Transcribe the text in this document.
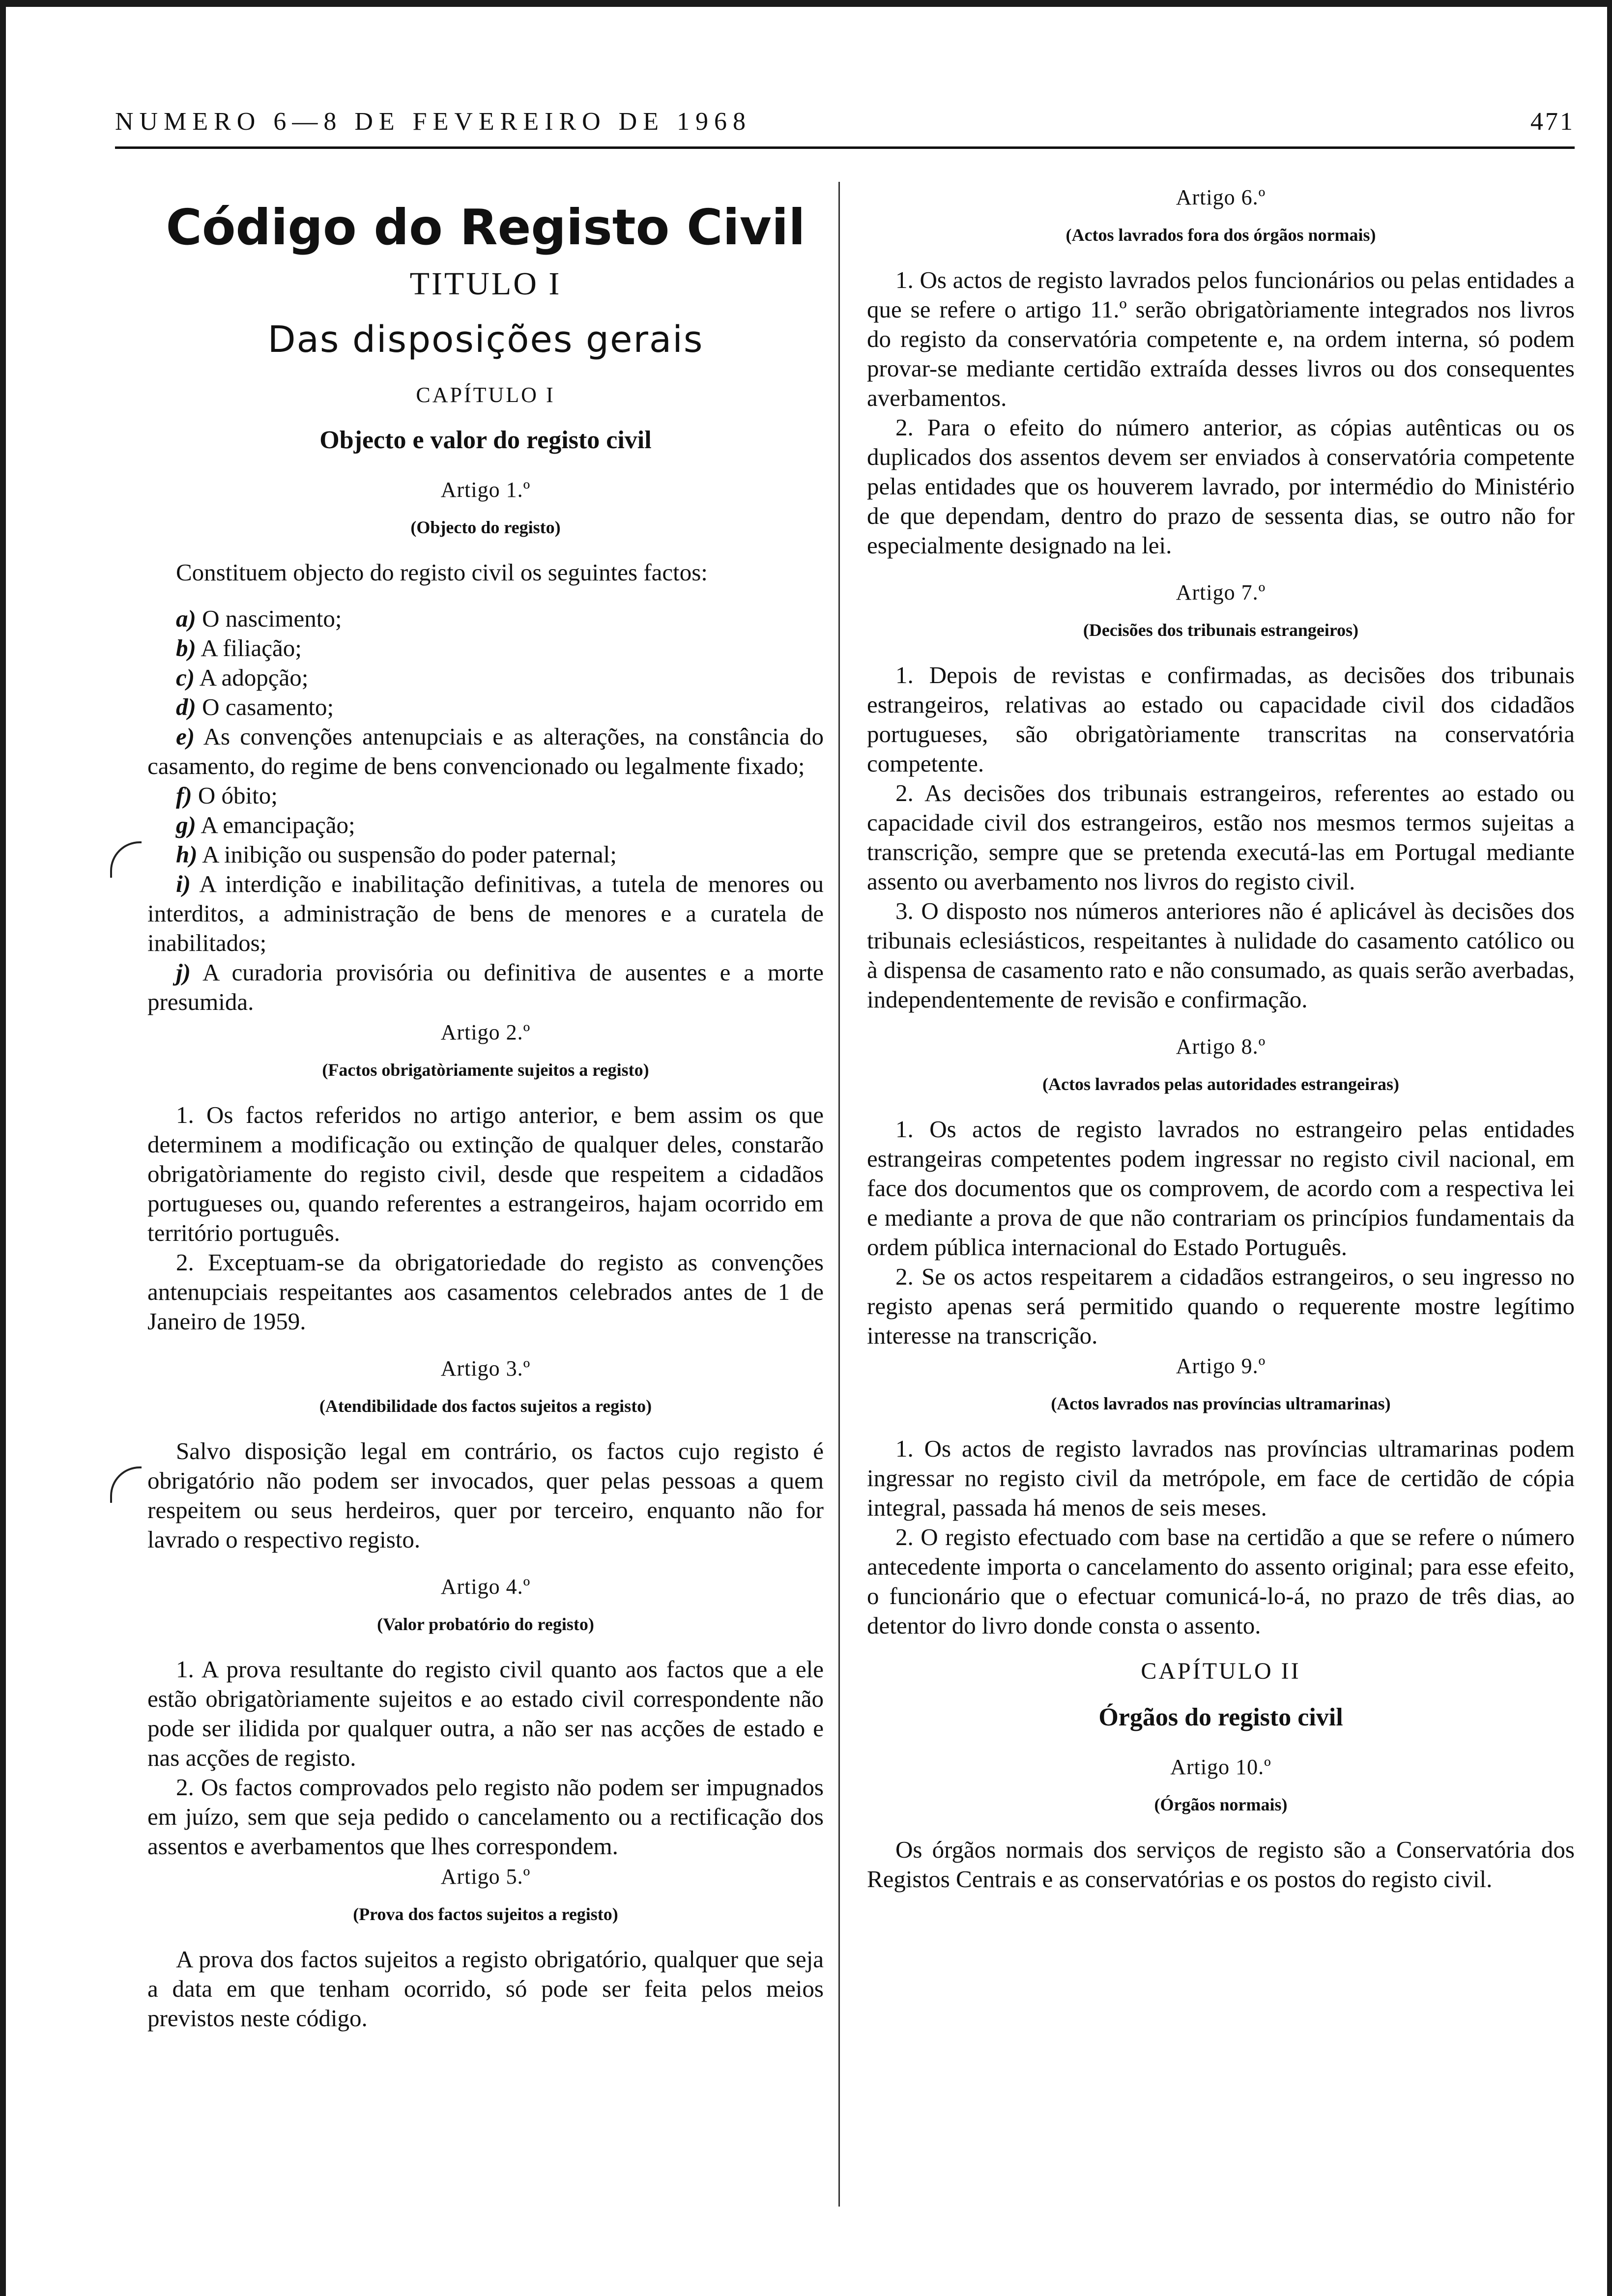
NUMERO 6—8 DE FEVEREIRO DE 1968	471
Código do Registo Civil
TITULO I
Das disposições gerais
CAPÍTULO I
Objecto e valor do registo civil
Artigo 1.º
(Objecto do registo)

Constituem objecto do registo civil os seguintes factos:

a) O nascimento;

b) A filiação;

c) A adopção;

d) O casamento;

e) As convenções antenupciais e as alterações, na constância do casamento, do regime de bens convencionado ou legalmente fixado;

f) O óbito;

g) A emancipação;

h) A inibição ou suspensão do poder paternal;

i) A interdição e inabilitação definitivas, a tutela de menores ou interditos, a administração de bens de menores e a curatela de inabilitados;

j) A curadoria provisória ou definitiva de ausentes e a morte presumida.

Artigo 2.º
(Factos obrigatòriamente sujeitos a registo)

1. Os factos referidos no artigo anterior, e bem assim os que determinem a modificação ou extinção de qualquer deles, constarão obrigatòriamente do registo civil, desde que respeitem a cidadãos portugueses ou, quando referentes a estrangeiros, hajam ocorrido em território português.

2. Exceptuam-se da obrigatoriedade do registo as convenções antenupciais respeitantes aos casamentos celebrados antes de 1 de Janeiro de 1959.

Artigo 3.º
(Atendibilidade dos factos sujeitos a registo)

Salvo disposição legal em contrário, os factos cujo registo é obrigatório não podem ser invocados, quer pelas pessoas a quem respeitem ou seus herdeiros, quer por terceiro, enquanto não for lavrado o respectivo registo.

Artigo 4.º
(Valor probatório do registo)

1. A prova resultante do registo civil quanto aos factos que a ele estão obrigatòriamente sujeitos e ao estado civil correspondente não pode ser ilidida por qualquer outra, a não ser nas acções de estado e nas acções de registo.

2. Os factos comprovados pelo registo não podem ser impugnados em juízo, sem que seja pedido o cancelamento ou a rectificação dos assentos e averbamentos que lhes correspondem.

Artigo 5.º
(Prova dos factos sujeitos a registo)

A prova dos factos sujeitos a registo obrigatório, qualquer que seja a data em que tenham ocorrido, só pode ser feita pelos meios previstos neste código.

Artigo 6.º
(Actos lavrados fora dos órgãos normais)

1. Os actos de registo lavrados pelos funcionários ou pelas entidades a que se refere o artigo 11.º serão obrigatòriamente integrados nos livros do registo da conservatória competente e, na ordem interna, só podem provar-se mediante certidão extraída desses livros ou dos consequentes averbamentos.

2. Para o efeito do número anterior, as cópias autênticas ou os duplicados dos assentos devem ser enviados à conservatória competente pelas entidades que os houverem lavrado, por intermédio do Ministério de que dependam, dentro do prazo de sessenta dias, se outro não for especialmente designado na lei.

Artigo 7.º
(Decisões dos tribunais estrangeiros)

1. Depois de revistas e confirmadas, as decisões dos tribunais estrangeiros, relativas ao estado ou capacidade civil dos cidadãos portugueses, são obrigatòriamente transcritas na conservatória competente.

2. As decisões dos tribunais estrangeiros, referentes ao estado ou capacidade civil dos estrangeiros, estão nos mesmos termos sujeitas a transcrição, sempre que se pretenda executá-las em Portugal mediante assento ou averbamento nos livros do registo civil.

3. O disposto nos números anteriores não é aplicável às decisões dos tribunais eclesiásticos, respeitantes à nulidade do casamento católico ou à dispensa de casamento rato e não consumado, as quais serão averbadas, independentemente de revisão e confirmação.

Artigo 8.º
(Actos lavrados pelas autoridades estrangeiras)

1. Os actos de registo lavrados no estrangeiro pelas entidades estrangeiras competentes podem ingressar no registo civil nacional, em face dos documentos que os comprovem, de acordo com a respectiva lei e mediante a prova de que não contrariam os princípios fundamentais da ordem pública internacional do Estado Português.

2. Se os actos respeitarem a cidadãos estrangeiros, o seu ingresso no registo apenas será permitido quando o requerente mostre legítimo interesse na transcrição.

Artigo 9.º
(Actos lavrados nas províncias ultramarinas)

1. Os actos de registo lavrados nas províncias ultramarinas podem ingressar no registo civil da metrópole, em face de certidão de cópia integral, passada há menos de seis meses.

2. O registo efectuado com base na certidão a que se refere o número antecedente importa o cancelamento do assento original; para esse efeito, o funcionário que o efectuar comunicá-lo-á, no prazo de três dias, ao detentor do livro donde consta o assento.

CAPÍTULO II
Órgãos do registo civil
Artigo 10.º
(Órgãos normais)

Os órgãos normais dos serviços de registo são a Conservatória dos Registos Centrais e as conservatórias e os postos do registo civil.
